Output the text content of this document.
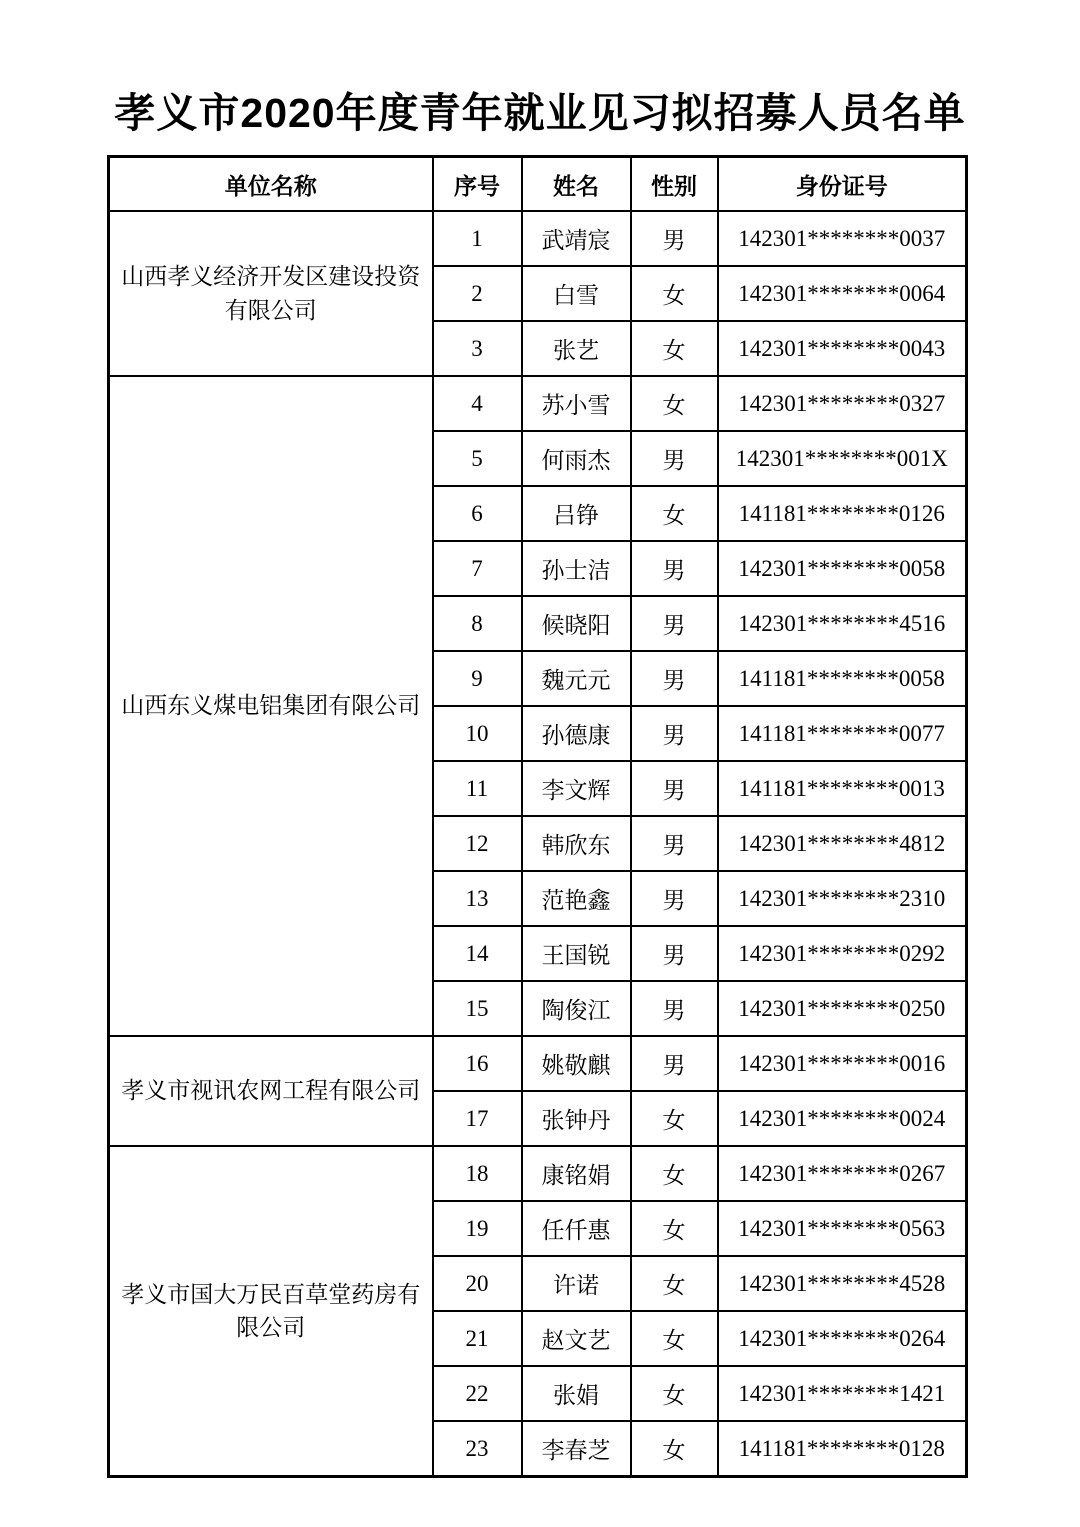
孝义市2020年度青年就业见习拟招募人员名单
单位名称	序号	姓名	性别	身份证号
山西孝义经济开发区建设投资有限公司	1	武靖宸	男	142301********0037
	2	白雪	女	142301********0064
	3	张艺	女	142301********0043
山西东义煤电铝集团有限公司	4	苏小雪	女	142301********0327
	5	何雨杰	男	142301********001X
	6	吕铮	女	141181********0126
	7	孙士洁	男	142301********0058
	8	候晓阳	男	142301********4516
	9	魏元元	男	141181********0058
	10	孙德康	男	141181********0077
	11	李文辉	男	141181********0013
	12	韩欣东	男	142301********4812
	13	范艳鑫	男	142301********2310
	14	王国锐	男	142301********0292
	15	陶俊江	男	142301********0250
孝义市视讯农网工程有限公司	16	姚敬麒	男	142301********0016
	17	张钟丹	女	142301********0024
孝义市国大万民百草堂药房有限公司	18	康铭娟	女	142301********0267
	19	任仟惠	女	142301********0563
	20	许诺	女	142301********4528
	21	赵文艺	女	142301********0264
	22	张娟	女	142301********1421
	23	李春芝	女	141181********0128
